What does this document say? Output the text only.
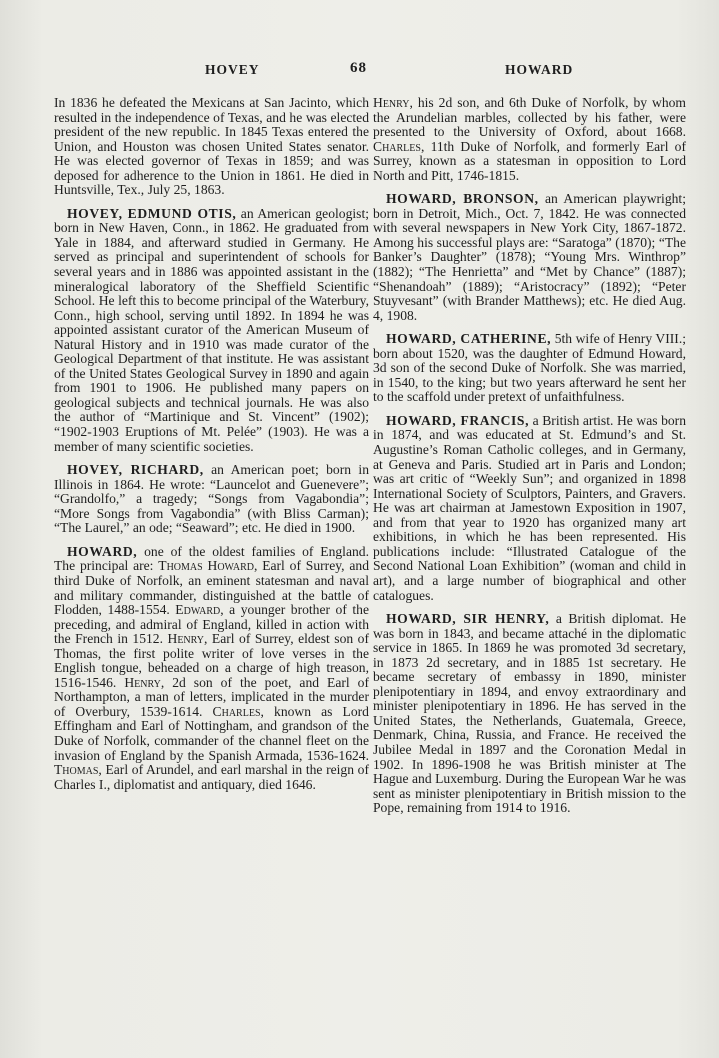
HOVEY	68	HOWARD

In 1836 he defeated the Mexicans at San Jacinto, which resulted in the independence of Texas, and he was elected president of the new republic. In 1845 Texas entered the Union, and Houston was chosen United States senator. He was elected governor of Texas in 1859; and was deposed for adherence to the Union in 1861. He died in Huntsville, Tex., July 25, 1863.

HOVEY, EDMUND OTIS, an American geologist; born in New Haven, Conn., in 1862. He graduated from Yale in 1884, and afterward studied in Germany. He served as principal and superintendent of schools for several years and in 1886 was appointed assistant in the mineralogical laboratory of the Sheffield Scientific School. He left this to become principal of the Waterbury, Conn., high school, serving until 1892. In 1894 he was appointed assistant curator of the American Museum of Natural History and in 1910 was made curator of the Geological Department of that institute. He was assistant of the United States Geological Survey in 1890 and again from 1901 to 1906. He published many papers on geological subjects and technical journals. He was also the author of “Martinique and St. Vincent” (1902); “1902-1903 Eruptions of Mt. Pelée” (1903). He was a member of many scientific societies.

HOVEY, RICHARD, an American poet; born in Illinois in 1864. He wrote: “Launcelot and Guenevere”; “Grandolfo,” a tragedy; “Songs from Vagabondia”; “More Songs from Vagabondia” (with Bliss Carman); “The Laurel,” an ode; “Seaward”; etc. He died in 1900.

HOWARD, one of the oldest families of England. The principal are: Thomas Howard, Earl of Surrey, and third Duke of Norfolk, an eminent statesman and naval and military commander, distinguished at the battle of Flodden, 1488-1554. Edward, a younger brother of the preceding, and admiral of England, killed in action with the French in 1512. Henry, Earl of Surrey, eldest son of Thomas, the first polite writer of love verses in the English tongue, beheaded on a charge of high treason, 1516-1546. Henry, 2d son of the poet, and Earl of Northampton, a man of letters, implicated in the murder of Overbury, 1539-1614. Charles, known as Lord Effingham and Earl of Nottingham, and grandson of the Duke of Norfolk, commander of the channel fleet on the invasion of England by the Spanish Armada, 1536-1624. Thomas, Earl of Arundel, and earl marshal in the reign of Charles I., diplomatist and antiquary, died 1646.

Henry, his 2d son, and 6th Duke of Norfolk, by whom the Arundelian marbles, collected by his father, were presented to the University of Oxford, about 1668. Charles, 11th Duke of Norfolk, and formerly Earl of Surrey, known as a statesman in opposition to Lord North and Pitt, 1746-1815.

HOWARD, BRONSON, an American playwright; born in Detroit, Mich., Oct. 7, 1842. He was connected with several newspapers in New York City, 1867-1872. Among his successful plays are: “Saratoga” (1870); “The Banker’s Daughter” (1878); “Young Mrs. Winthrop” (1882); “The Henrietta” and “Met by Chance” (1887); “Shenandoah” (1889); “Aristocracy” (1892); “Peter Stuyvesant” (with Brander Matthews); etc. He died Aug. 4, 1908.

HOWARD, CATHERINE, 5th wife of Henry VIII.; born about 1520, was the daughter of Edmund Howard, 3d son of the second Duke of Norfolk. She was married, in 1540, to the king; but two years afterward he sent her to the scaffold under pretext of unfaithfulness.

HOWARD, FRANCIS, a British artist. He was born in 1874, and was educated at St. Edmund’s and St. Augustine’s Roman Catholic colleges, and in Germany, at Geneva and Paris. Studied art in Paris and London; was art critic of “Weekly Sun”; and organized in 1898 International Society of Sculptors, Painters, and Gravers. He was art chairman at Jamestown Exposition in 1907, and from that year to 1920 has organized many art exhibitions, in which he has been represented. His publications include: “Illustrated Catalogue of the Second National Loan Exhibition” (woman and child in art), and a large number of biographical and other catalogues.

HOWARD, SIR HENRY, a British diplomat. He was born in 1843, and became attaché in the diplomatic service in 1865. In 1869 he was promoted 3d secretary, in 1873 2d secretary, and in 1885 1st secretary. He became secretary of embassy in 1890, minister plenipotentiary in 1894, and envoy extraordinary and minister plenipotentiary in 1896. He has served in the United States, the Netherlands, Guatemala, Greece, Denmark, China, Russia, and France. He received the Jubilee Medal in 1897 and the Coronation Medal in 1902. In 1896-1908 he was British minister at The Hague and Luxemburg. During the European War he was sent as minister plenipotentiary in British mission to the Pope, remaining from 1914 to 1916.
